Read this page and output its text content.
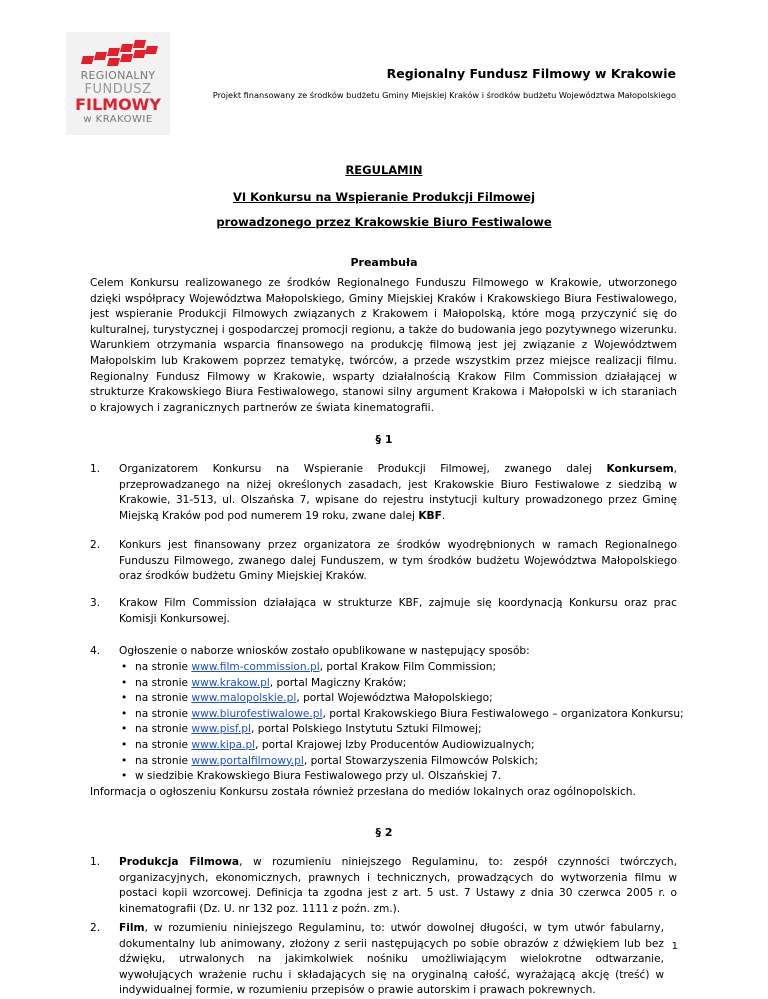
REGIONALNY
FUNDUSZ
FILMOWY
w KRAKOWIE
Regionalny Fundusz Filmowy w Krakowie
Projekt finansowany ze środków budżetu Gminy Miejskiej Kraków i środków budżetu Województwa Małopolskiego
REGULAMIN
VI Konkursu na Wspieranie Produkcji Filmowej
prowadzonego przez Krakowskie Biuro Festiwalowe
Preambuła

Celem Konkursu realizowanego ze środków Regionalnego Funduszu Filmowego w Krakowie, utworzonego dzięki współpracy Województwa Małopolskiego, Gminy Miejskiej Kraków i Krakowskiego Biura Festiwalowego, jest wspieranie Produkcji Filmowych związanych z Krakowem i Małopolską, które mogą przyczynić się do kulturalnej, turystycznej i gospodarczej promocji regionu, a także do budowania jego pozytywnego wizerunku. Warunkiem otrzymania wsparcia finansowego na produkcję filmową jest jej związanie z Województwem Małopolskim lub Krakowem poprzez tematykę, twórców, a przede wszystkim przez miejsce realizacji filmu. Regionalny Fundusz Filmowy w Krakowie, wsparty działalnością Krakow Film Commission działającej w strukturze Krakowskiego Biura Festiwalowego, stanowi silny argument Krakowa i Małopolski w ich staraniach o krajowych i zagranicznych partnerów ze świata kinematografii.

§ 1
1. Organizatorem Konkursu na Wspieranie Produkcji Filmowej, zwanego dalej Konkursem, przeprowadzanego na niżej określonych zasadach, jest Krakowskie Biuro Festiwalowe z siedzibą w Krakowie, 31-513, ul. Olszańska 7, wpisane do rejestru instytucji kultury prowadzonego przez Gminę Miejską Kraków pod pod numerem 19 roku, zwane dalej KBF.

2. Konkurs jest finansowany przez organizatora ze środków wyodrębnionych w ramach Regionalnego Funduszu Filmowego, zwanego dalej Funduszem, w tym środków budżetu Województwa Małopolskiego oraz środków budżetu Gminy Miejskiej Kraków.

3. Krakow Film Commission działająca w strukturze KBF, zajmuje się koordynacją Konkursu oraz prac Komisji Konkursowej.

4. Ogłoszenie o naborze wniosków zostało opublikowane w następujący sposób:

• na stronie www.film-commission.pl, portal Krakow Film Commission;
• na stronie www.krakow.pl, portal Magiczny Kraków;
• na stronie www.malopolskie.pl, portal Województwa Małopolskiego;
• na stronie www.biurofestiwalowe.pl, portal Krakowskiego Biura Festiwalowego – organizatora Konkursu;
• na stronie www.pisf.pl, portal Polskiego Instytutu Sztuki Filmowej;
• na stronie www.kipa.pl, portal Krajowej Izby Producentów Audiowizualnych;
• na stronie www.portalfilmowy.pl, portal Stowarzyszenia Filmowców Polskich;
• w siedzibie Krakowskiego Biura Festiwalowego przy ul. Olszańskiej 7.

Informacja o ogłoszeniu Konkursu została również przesłana do mediów lokalnych oraz ogólnopolskich.

§ 2
1. Produkcja Filmowa, w rozumieniu niniejszego Regulaminu, to: zespół czynności twórczych, organizacyjnych, ekonomicznych, prawnych i technicznych, prowadzących do wytworzenia filmu w postaci kopii wzorcowej. Definicja ta zgodna jest z art. 5 ust. 7 Ustawy z dnia 30 czerwca 2005 r. o kinematografii (Dz. U. nr 132 poz. 1111 z poźn. zm.).

2. Film, w rozumieniu niniejszego Regulaminu, to: utwór dowolnej długości, w tym utwór fabularny, dokumentalny lub animowany, złożony z serii następujących po sobie obrazów z dźwiękiem lub bez dźwięku, utrwalonych na jakimkolwiek nośniku umożliwiającym wielokrotne odtwarzanie, wywołujących wrażenie ruchu i składających się na oryginalną całość, wyrażającą akcję (treść) w indywidualnej formie, w rozumieniu przepisów o prawie autorskim i prawach pokrewnych.

1
